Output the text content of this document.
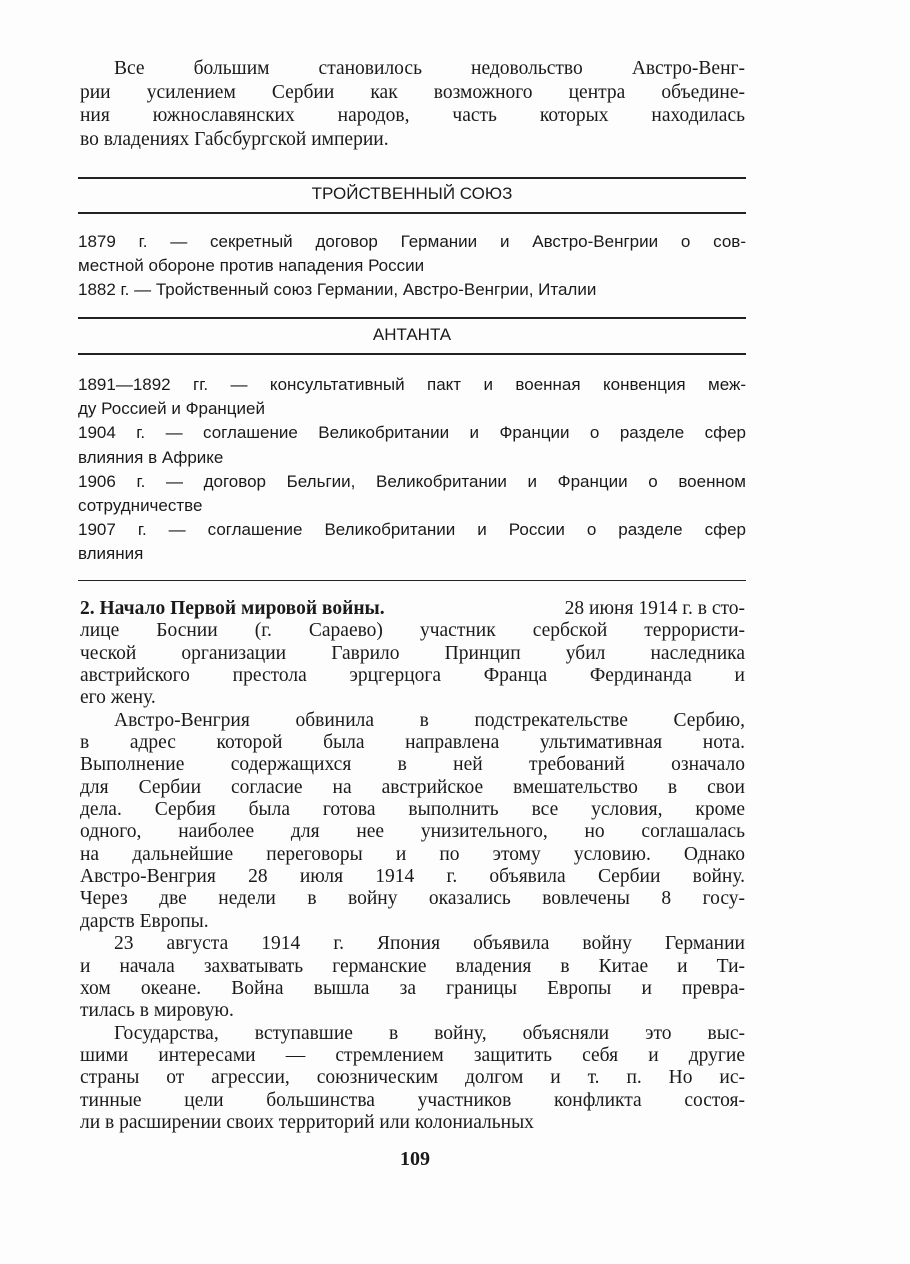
Все большим становилось недовольство Австро-Венг-
рии усилением Сербии как возможного центра объедине-
ния южнославянских народов, часть которых находилась
во владениях Габсбургской империи.
ТРОЙСТВЕННЫЙ СОЮЗ
1879 г. — секретный договор Германии и Австро-Венгрии о сов-
местной обороне против нападения России
1882 г. — Тройственный союз Германии, Австро-Венгрии, Италии
АНТАНТА
1891—1892 гг. — консультативный пакт и военная конвенция меж-
ду Россией и Францией
1904 г. — соглашение Великобритании и Франции о разделе сфер
влияния в Африке
1906 г. — договор Бельгии, Великобритании и Франции о военном
сотрудничестве
1907 г. — соглашение Великобритании и России о разделе сфер
влияния
2. Начало Первой мировой войны.	28 июня 1914 г. в сто-
лице Боснии (г. Сараево) участник сербской террористи-
ческой организации Гаврило Принцип убил наследника
австрийского престола эрцгерцога Франца Фердинанда и
его жену.
Австро-Венгрия обвинила в подстрекательстве Сербию,
в адрес которой была направлена ультимативная нота.
Выполнение содержащихся в ней требований означало
для Сербии согласие на австрийское вмешательство в свои
дела. Сербия была готова выполнить все условия, кроме
одного, наиболее для нее унизительного, но соглашалась
на дальнейшие переговоры и по этому условию. Однако
Австро-Венгрия 28 июля 1914 г. объявила Сербии войну.
Через две недели в войну оказались вовлечены 8 госу-
дарств Европы.
23 августа 1914 г. Япония объявила войну Германии
и начала захватывать германские владения в Китае и Ти-
хом океане. Война вышла за границы Европы и превра-
тилась в мировую.
Государства, вступавшие в войну, объясняли это выс-
шими интересами — стремлением защитить себя и другие
страны от агрессии, союзническим долгом и т. п. Но ис-
тинные цели большинства участников конфликта состоя-
ли в расширении своих территорий или колониальных
109
